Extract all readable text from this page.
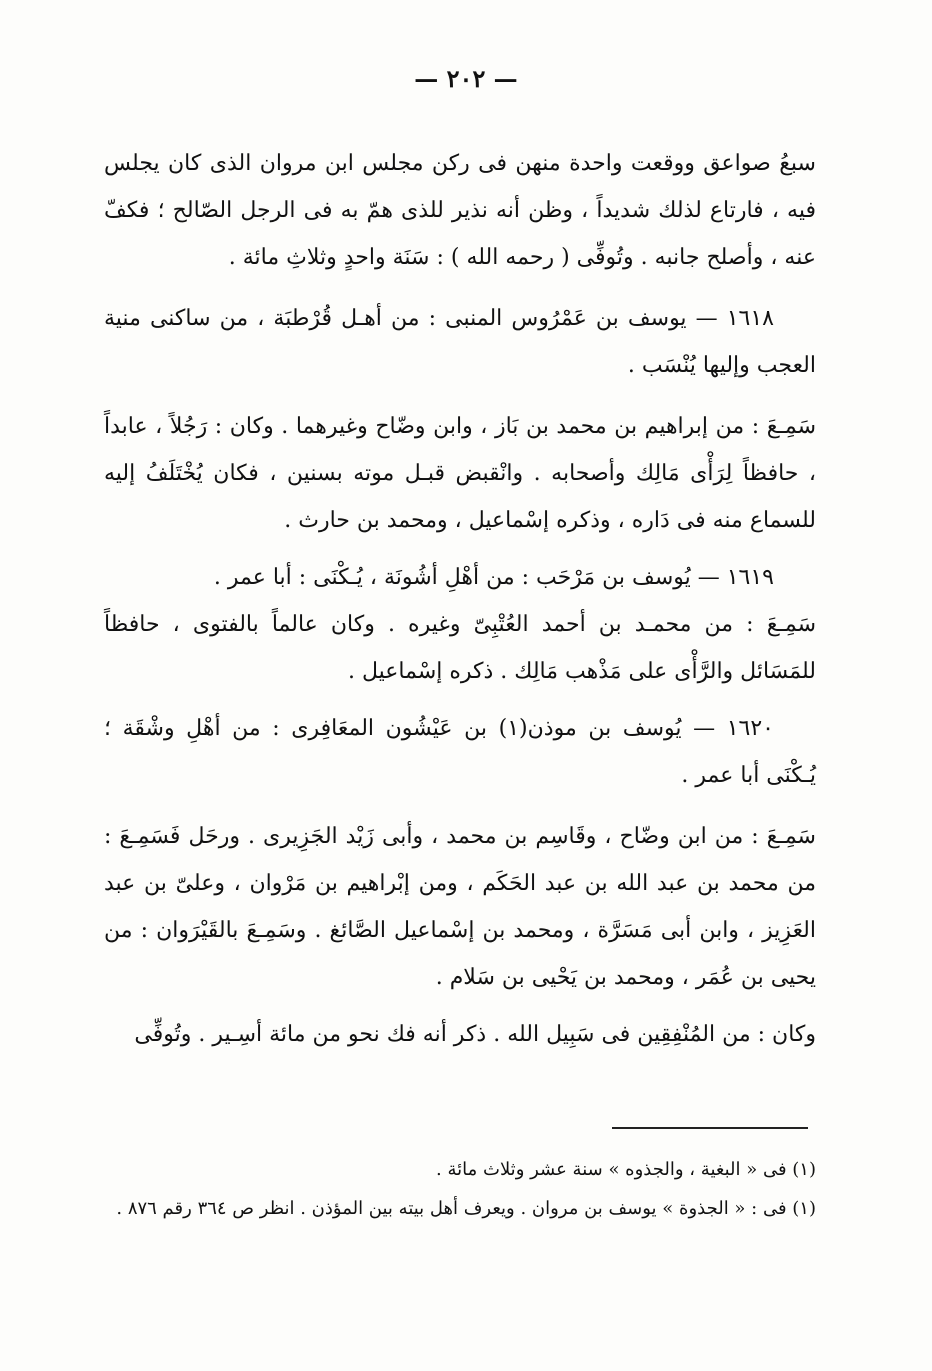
— ٢٠٢ —

سبعُ صواعق ووقعت واحدة منهن فى ركن مجلس ابن مروان الذى كان يجلس فيه ، فارتاع لذلك شديداً ، وظن أنه نذير للذى همّ به فى الرجل الصّالح ؛ فكفّ عنه ، وأصلح جانبه . وتُوفِّى ( رحمه الله ) : سَنَة واحدٍ وثلاثِ مائة .

١٦١٨ — يوسف بن عَمْرُوس المنبى : من أهـل قُرْطبَة ، من ساكنى منية العجب وإليها يُنْسَب .

سَمِـعَ : من إبراهيم بن محمد بن بَاز ، وابن وضّاح وغيرهما . وكان : رَجُلاً ، عابداً ، حافظاً لِرَأْى مَالِك وأصحابه . وانْقبض قبـل موته بسنين ، فكان يُخْتَلَفُ إليه للسماع منه فى دَاره ، وذكره إسْماعيل ، ومحمد بن حارث .

١٦١٩ — يُوسف بن مَرْحَب : من أهْلِ أشُونَة ، يُـكْنَى : أبا عمر .

سَمِـعَ : من محمـد بن أحمد العُتْبِىّ وغيره . وكان عالماً بالفتوى ، حافظاً للمَسَائل والرَّأْى على مَذْهب مَالِك . ذكره إسْماعيل .

١٦٢٠ — يُوسف بن موذن(١) بن عَيْشُون المعَافِرى : من أهْلِ وشْقَة ؛ يُـكْنَى أبا عمر .

سَمِـعَ : من ابن وضّاح ، وقَاسِم بن محمد ، وأبى زَيْد الجَزِيرى . ورحَل فَسَمِـعَ : من محمد بن عبد الله بن عبد الحَكَم ، ومن إبْراهيم بن مَرْوان ، وعلىّ بن عبد العَزِيز ، وابن أبى مَسَرَّة ، ومحمد بن إسْماعيل الصَّائغ . وسَمِـعَ بالقَيْرَوان : من يحيى بن عُمَر ، ومحمد بن يَحْيى بن سَلام .

وكان : من المُنْفِقِين فى سَبِيل الله . ذكر أنه فك نحو من مائة أسِـير . وتُوفِّى

(١) فى « البغية ، والجذوه » سنة عشر وثلاث مائة .

(١) فى : « الجذوة » يوسف بن مروان . ويعرف أهل بيته بين المؤذن . انظر ص ٣٦٤ رقم ٨٧٦ .
